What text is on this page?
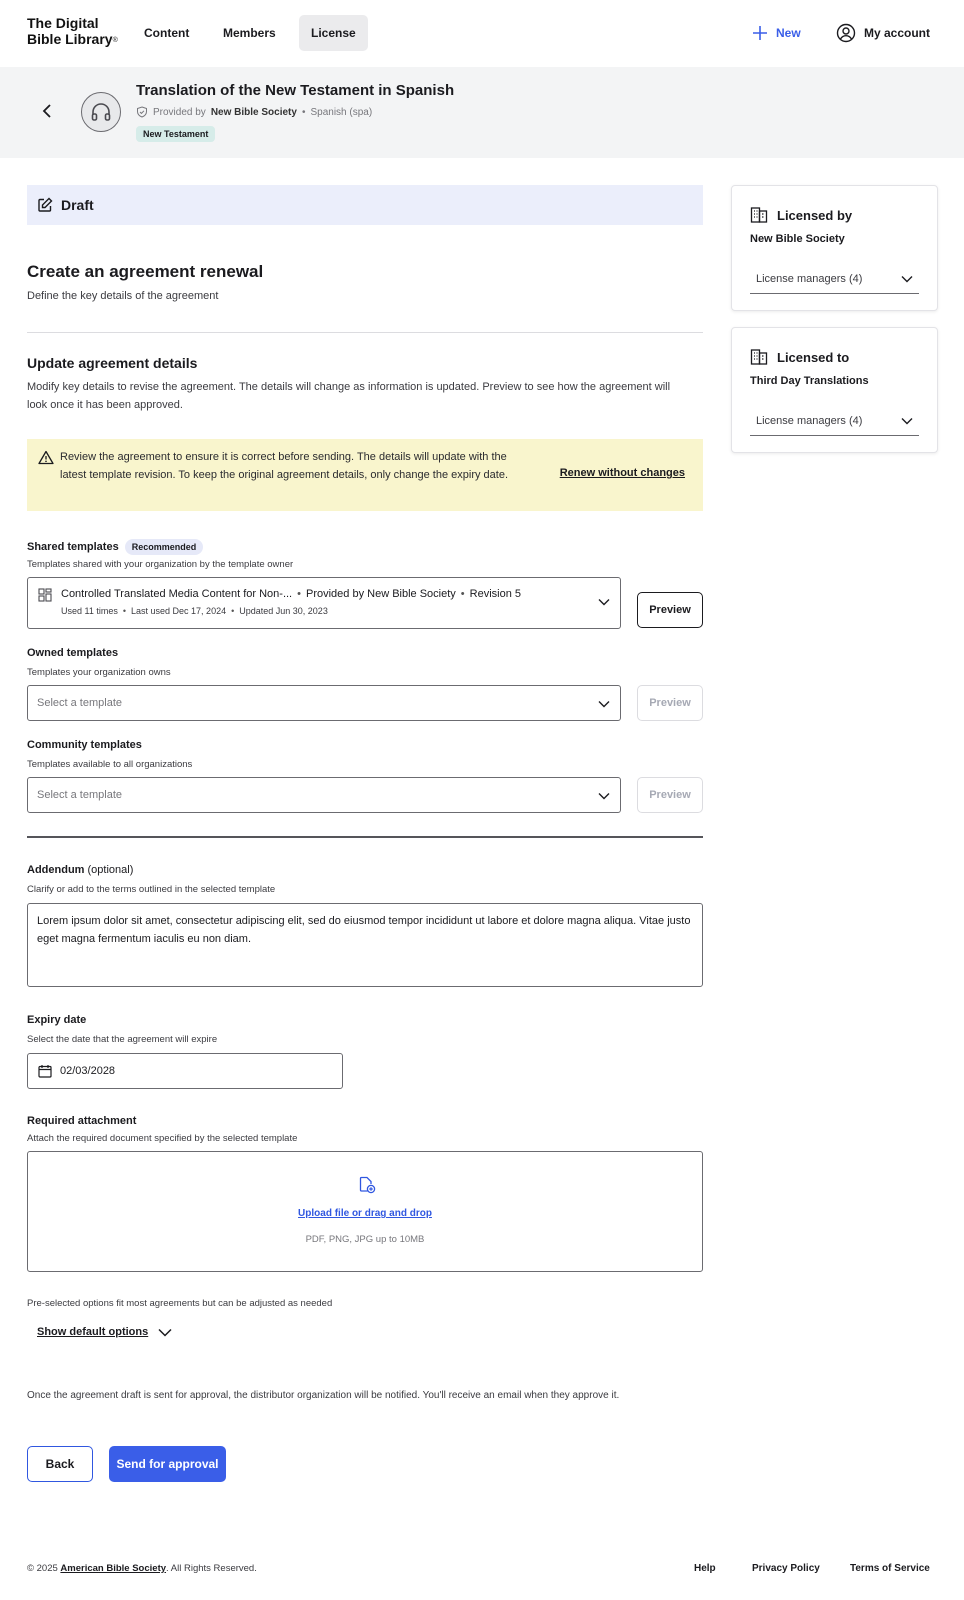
The Digital
Bible Library®
Content	Members	License	New	My account
Translation of the New Testament in Spanish
Provided by New Bible Society • Spanish (spa)
New Testament
Draft
Create an agreement renewal
Define the key details of the agreement
Update agreement details
Modify key details to revise the agreement. The details will change as information is updated. Preview to see how the agreement will look once it has been approved.
Review the agreement to ensure it is correct before sending. The details will update with the latest template revision. To keep the original agreement details, only change the expiry date.	Renew without changes
Shared templates Recommended
Templates shared with your organization by the template owner
Controlled Translated Media Content for Non-... • Provided by New Bible Society • Revision 5
Used 11 times • Last used Dec 17, 2024 • Updated Jun 30, 2023	Preview
Owned templates
Templates your organization owns
Select a template	Preview
Community templates
Templates available to all organizations
Select a template	Preview
Addendum (optional)
Clarify or add to the terms outlined in the selected template
Lorem ipsum dolor sit amet, consectetur adipiscing elit, sed do eiusmod tempor incididunt ut labore et dolore magna aliqua. Vitae justo eget magna fermentum iaculis eu non diam.
Expiry date
Select the date that the agreement will expire
02/03/2028
Required attachment
Attach the required document specified by the selected template
Upload file or drag and drop
PDF, PNG, JPG up to 10MB
Pre-selected options fit most agreements but can be adjusted as needed
Show default options
Once the agreement draft is sent for approval, the distributor organization will be notified. You'll receive an email when they approve it.
Back	Send for approval
© 2025 American Bible Society. All Rights Reserved.	Help	Privacy Policy	Terms of Service
Licensed by
New Bible Society
License managers (4)
Licensed to
Third Day Translations
License managers (4)
